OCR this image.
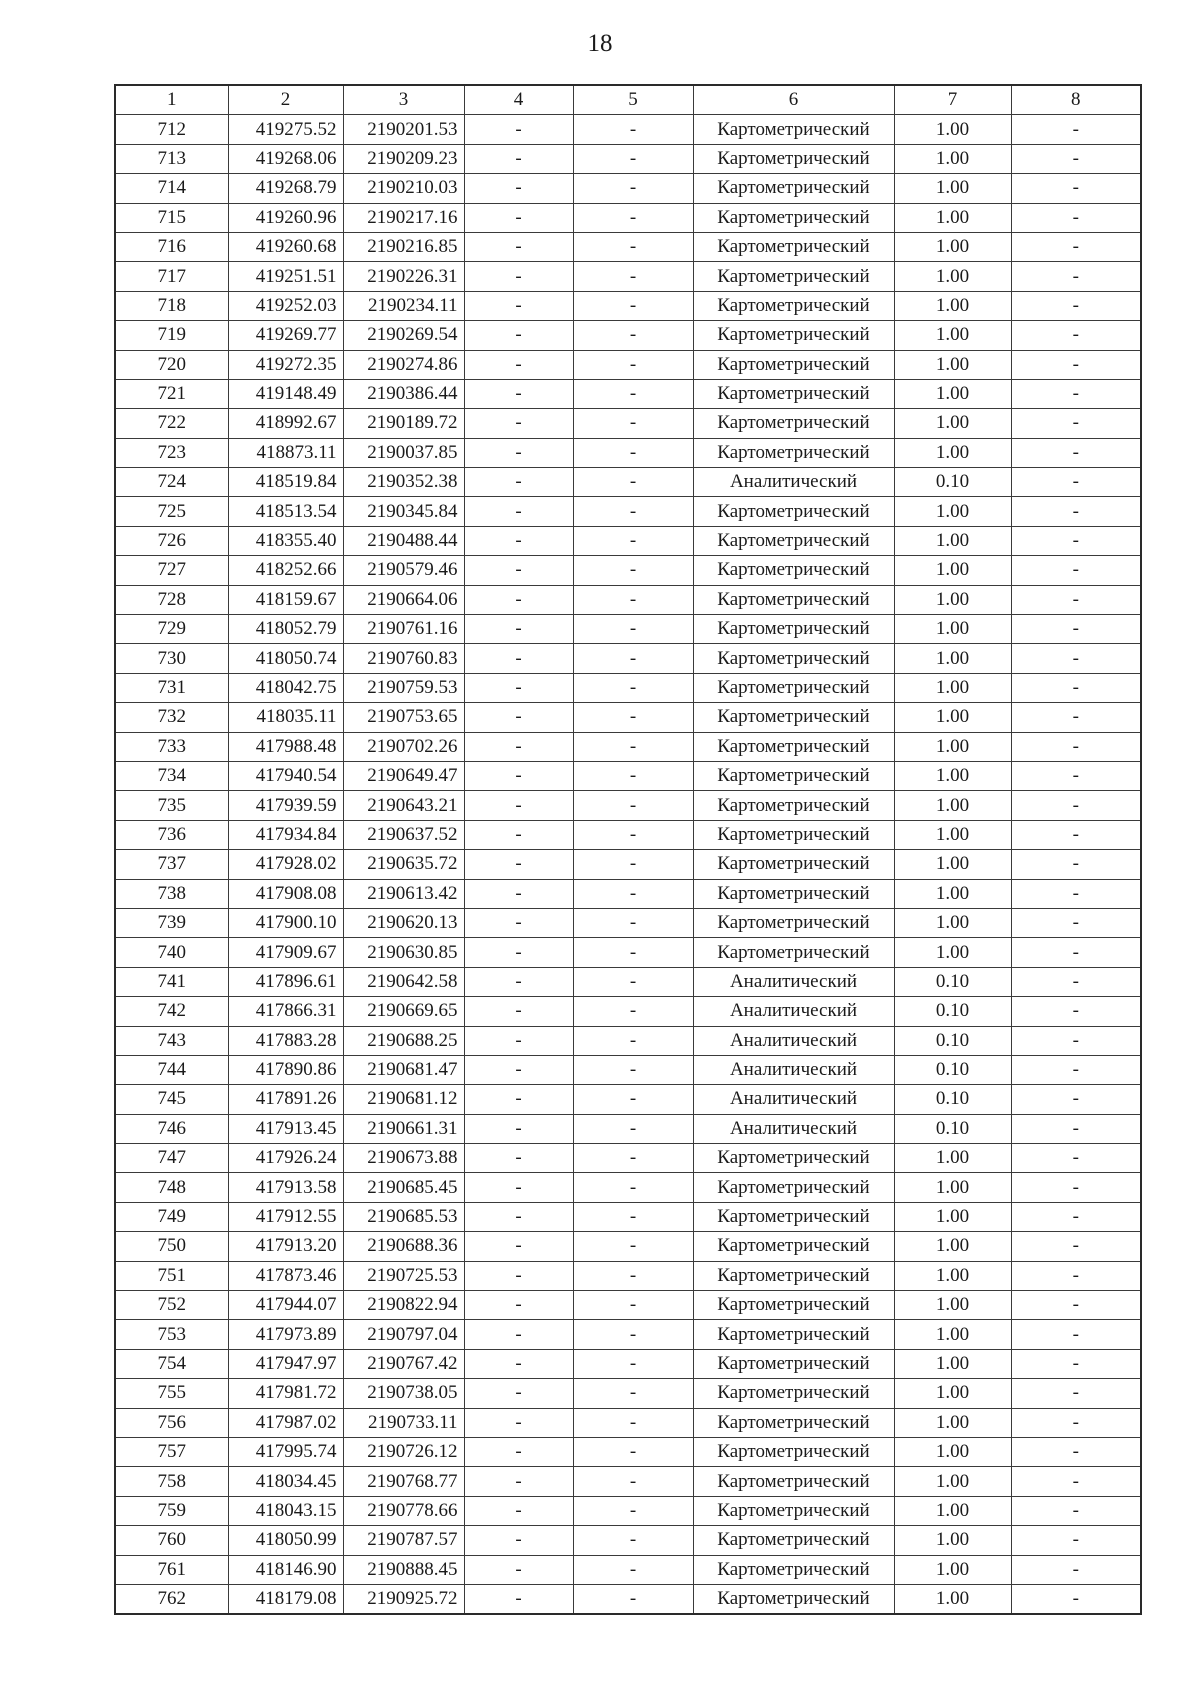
18
1	2	3	4	5	6	7	8
712	419275.52	2190201.53	-	-	Картометрический	1.00	-
713	419268.06	2190209.23	-	-	Картометрический	1.00	-
714	419268.79	2190210.03	-	-	Картометрический	1.00	-
715	419260.96	2190217.16	-	-	Картометрический	1.00	-
716	419260.68	2190216.85	-	-	Картометрический	1.00	-
717	419251.51	2190226.31	-	-	Картометрический	1.00	-
718	419252.03	2190234.11	-	-	Картометрический	1.00	-
719	419269.77	2190269.54	-	-	Картометрический	1.00	-
720	419272.35	2190274.86	-	-	Картометрический	1.00	-
721	419148.49	2190386.44	-	-	Картометрический	1.00	-
722	418992.67	2190189.72	-	-	Картометрический	1.00	-
723	418873.11	2190037.85	-	-	Картометрический	1.00	-
724	418519.84	2190352.38	-	-	Аналитический	0.10	-
725	418513.54	2190345.84	-	-	Картометрический	1.00	-
726	418355.40	2190488.44	-	-	Картометрический	1.00	-
727	418252.66	2190579.46	-	-	Картометрический	1.00	-
728	418159.67	2190664.06	-	-	Картометрический	1.00	-
729	418052.79	2190761.16	-	-	Картометрический	1.00	-
730	418050.74	2190760.83	-	-	Картометрический	1.00	-
731	418042.75	2190759.53	-	-	Картометрический	1.00	-
732	418035.11	2190753.65	-	-	Картометрический	1.00	-
733	417988.48	2190702.26	-	-	Картометрический	1.00	-
734	417940.54	2190649.47	-	-	Картометрический	1.00	-
735	417939.59	2190643.21	-	-	Картометрический	1.00	-
736	417934.84	2190637.52	-	-	Картометрический	1.00	-
737	417928.02	2190635.72	-	-	Картометрический	1.00	-
738	417908.08	2190613.42	-	-	Картометрический	1.00	-
739	417900.10	2190620.13	-	-	Картометрический	1.00	-
740	417909.67	2190630.85	-	-	Картометрический	1.00	-
741	417896.61	2190642.58	-	-	Аналитический	0.10	-
742	417866.31	2190669.65	-	-	Аналитический	0.10	-
743	417883.28	2190688.25	-	-	Аналитический	0.10	-
744	417890.86	2190681.47	-	-	Аналитический	0.10	-
745	417891.26	2190681.12	-	-	Аналитический	0.10	-
746	417913.45	2190661.31	-	-	Аналитический	0.10	-
747	417926.24	2190673.88	-	-	Картометрический	1.00	-
748	417913.58	2190685.45	-	-	Картометрический	1.00	-
749	417912.55	2190685.53	-	-	Картометрический	1.00	-
750	417913.20	2190688.36	-	-	Картометрический	1.00	-
751	417873.46	2190725.53	-	-	Картометрический	1.00	-
752	417944.07	2190822.94	-	-	Картометрический	1.00	-
753	417973.89	2190797.04	-	-	Картометрический	1.00	-
754	417947.97	2190767.42	-	-	Картометрический	1.00	-
755	417981.72	2190738.05	-	-	Картометрический	1.00	-
756	417987.02	2190733.11	-	-	Картометрический	1.00	-
757	417995.74	2190726.12	-	-	Картометрический	1.00	-
758	418034.45	2190768.77	-	-	Картометрический	1.00	-
759	418043.15	2190778.66	-	-	Картометрический	1.00	-
760	418050.99	2190787.57	-	-	Картометрический	1.00	-
761	418146.90	2190888.45	-	-	Картометрический	1.00	-
762	418179.08	2190925.72	-	-	Картометрический	1.00	-
